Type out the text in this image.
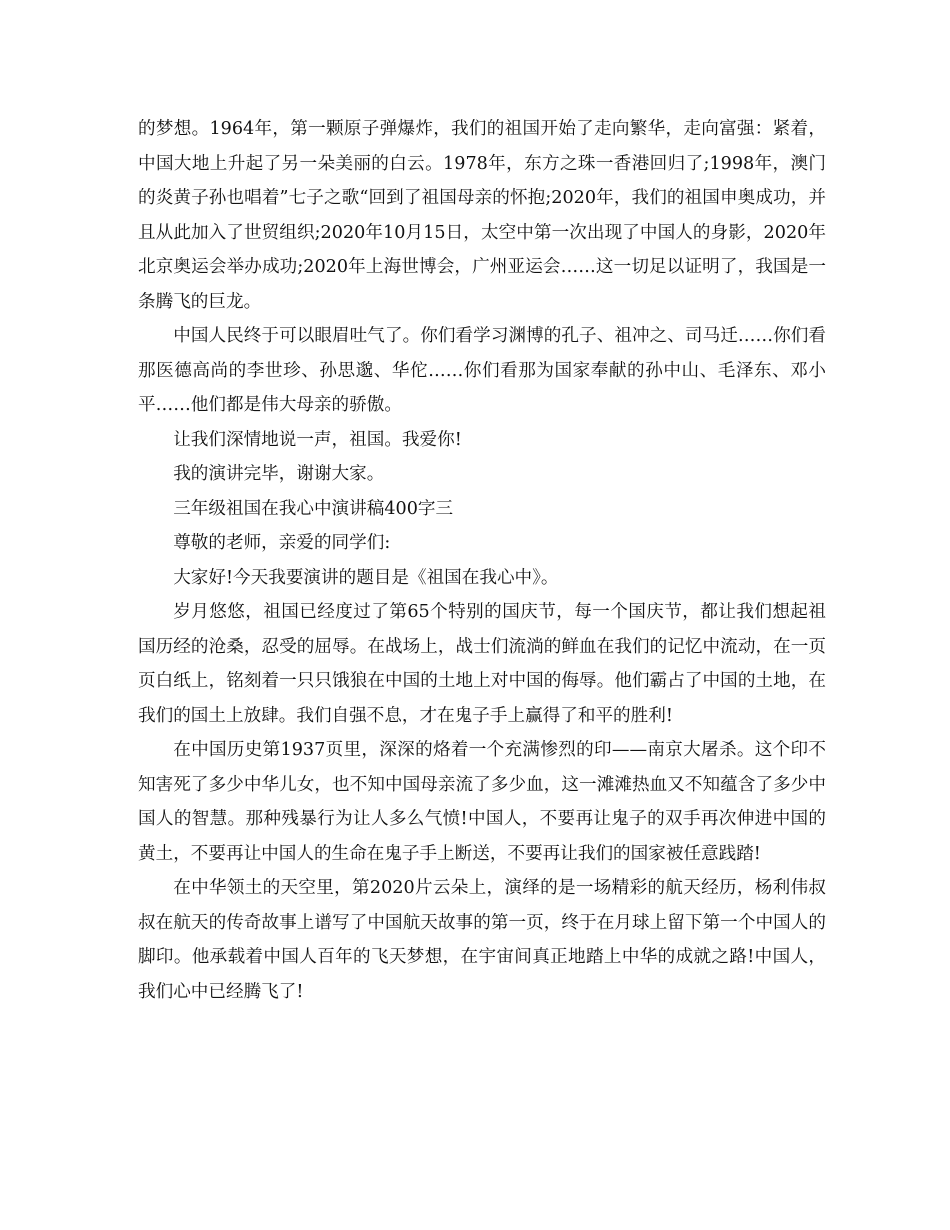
的梦想。1964年，第一颗原子弹爆炸，我们的祖国开始了走向繁华，走向富强：紧着，中国大地上升起了另一朵美丽的白云。1978年，东方之珠一香港回归了;1998年，澳门的炎黄子孙也唱着”七子之歌“回到了祖国母亲的怀抱;2020年，我们的祖国申奥成功，并且从此加入了世贸组织;2020年10月15日，太空中第一次出现了中国人的身影，2020年北京奥运会举办成功;2020年上海世博会，广州亚运会……这一切足以证明了，我国是一条腾飞的巨龙。

中国人民终于可以眼眉吐气了。你们看学习渊博的孔子、祖冲之、司马迁……你们看那医德高尚的李世珍、孙思邈、华佗……你们看那为国家奉献的孙中山、毛泽东、邓小平……他们都是伟大母亲的骄傲。

让我们深情地说一声，祖国。我爱你!

我的演讲完毕，谢谢大家。

三年级祖国在我心中演讲稿400字三

尊敬的老师，亲爱的同学们:

大家好!今天我要演讲的题目是《祖国在我心中》。

岁月悠悠，祖国已经度过了第65个特别的国庆节，每一个国庆节，都让我们想起祖国历经的沧桑，忍受的屈辱。在战场上，战士们流淌的鲜血在我们的记忆中流动，在一页页白纸上，铭刻着一只只饿狼在中国的土地上对中国的侮辱。他们霸占了中国的土地，在我们的国土上放肆。我们自强不息，才在鬼子手上赢得了和平的胜利!

在中国历史第1937页里，深深的烙着一个充满惨烈的印——南京大屠杀。这个印不知害死了多少中华儿女，也不知中国母亲流了多少血，这一滩滩热血又不知蕴含了多少中国人的智慧。那种残暴行为让人多么气愤!中国人，不要再让鬼子的双手再次伸进中国的黄土，不要再让中国人的生命在鬼子手上断送，不要再让我们的国家被任意践踏!

在中华领土的天空里，第2020片云朵上，演绎的是一场精彩的航天经历，杨利伟叔叔在航天的传奇故事上谱写了中国航天故事的第一页，终于在月球上留下第一个中国人的脚印。他承载着中国人百年的飞天梦想，在宇宙间真正地踏上中华的成就之路!中国人，我们心中已经腾飞了!
